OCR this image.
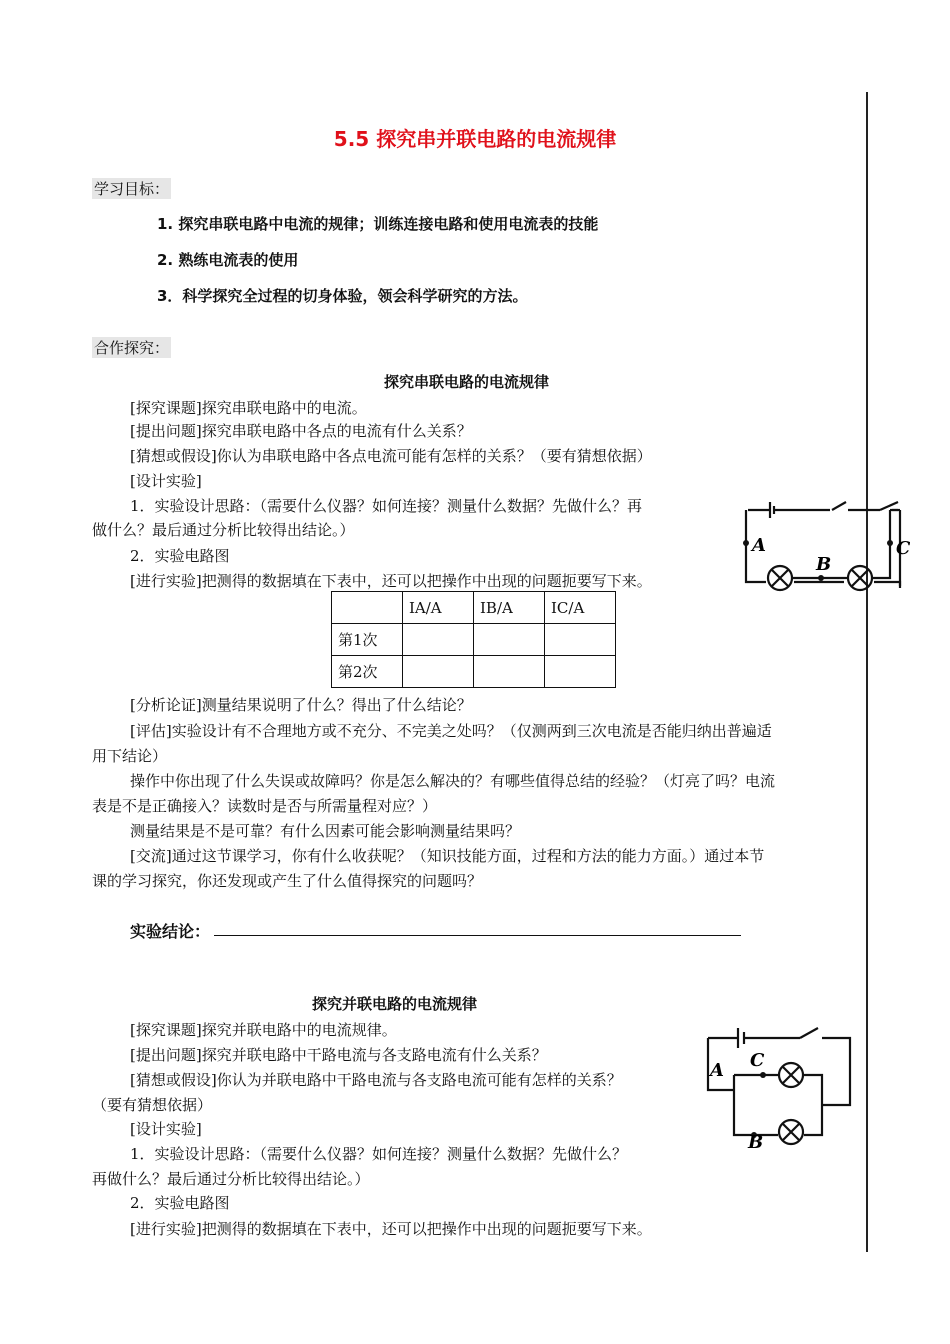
5.5 探究串并联电路的电流规律
学习目标：
1. 探究串联电路中电流的规律；训练连接电路和使用电流表的技能
2. 熟练电流表的使用
3．科学探究全过程的切身体验，领会科学研究的方法。
合作探究：
探究串联电路的电流规律
[探究课题]探究串联电路中的电流。
[提出问题]探究串联电路中各点的电流有什么关系？
[猜想或假设]你认为串联电路中各点电流可能有怎样的关系？（要有猜想依据）
[设计实验]
1．实验设计思路：（需要什么仪器？如何连接？测量什么数据？先做什么？再
做什么？最后通过分析比较得出结论。）
2．实验电路图
[进行实验]把测得的数据填在下表中，还可以把操作中出现的问题扼要写下来。
A
B
C
	IA/A	IB/A	IC/A
第1次			
第2次			
[分析论证]测量结果说明了什么？得出了什么结论？
[评估]实验设计有不合理地方或不充分、不完美之处吗？（仅测两到三次电流是否能归纳出普遍适
用下结论）
操作中你出现了什么失误或故障吗？你是怎么解决的？有哪些值得总结的经验？（灯亮了吗？电流
表是不是正确接入？读数时是否与所需量程对应？）
测量结果是不是可靠？有什么因素可能会影响测量结果吗？
[交流]通过这节课学习，你有什么收获呢？（知识技能方面，过程和方法的能力方面。）通过本节
课的学习探究，你还发现或产生了什么值得探究的问题吗？
实验结论：
探究并联电路的电流规律
[探究课题]探究并联电路中的电流规律。
[提出问题]探究并联电路中干路电流与各支路电流有什么关系？
[猜想或假设]你认为并联电路中干路电流与各支路电流可能有怎样的关系？
（要有猜想依据）
[设计实验]
1．实验设计思路：（需要什么仪器？如何连接？测量什么数据？先做什么？
再做什么？最后通过分析比较得出结论。）
2．实验电路图
[进行实验]把测得的数据填在下表中，还可以把操作中出现的问题扼要写下来。
A C
B
